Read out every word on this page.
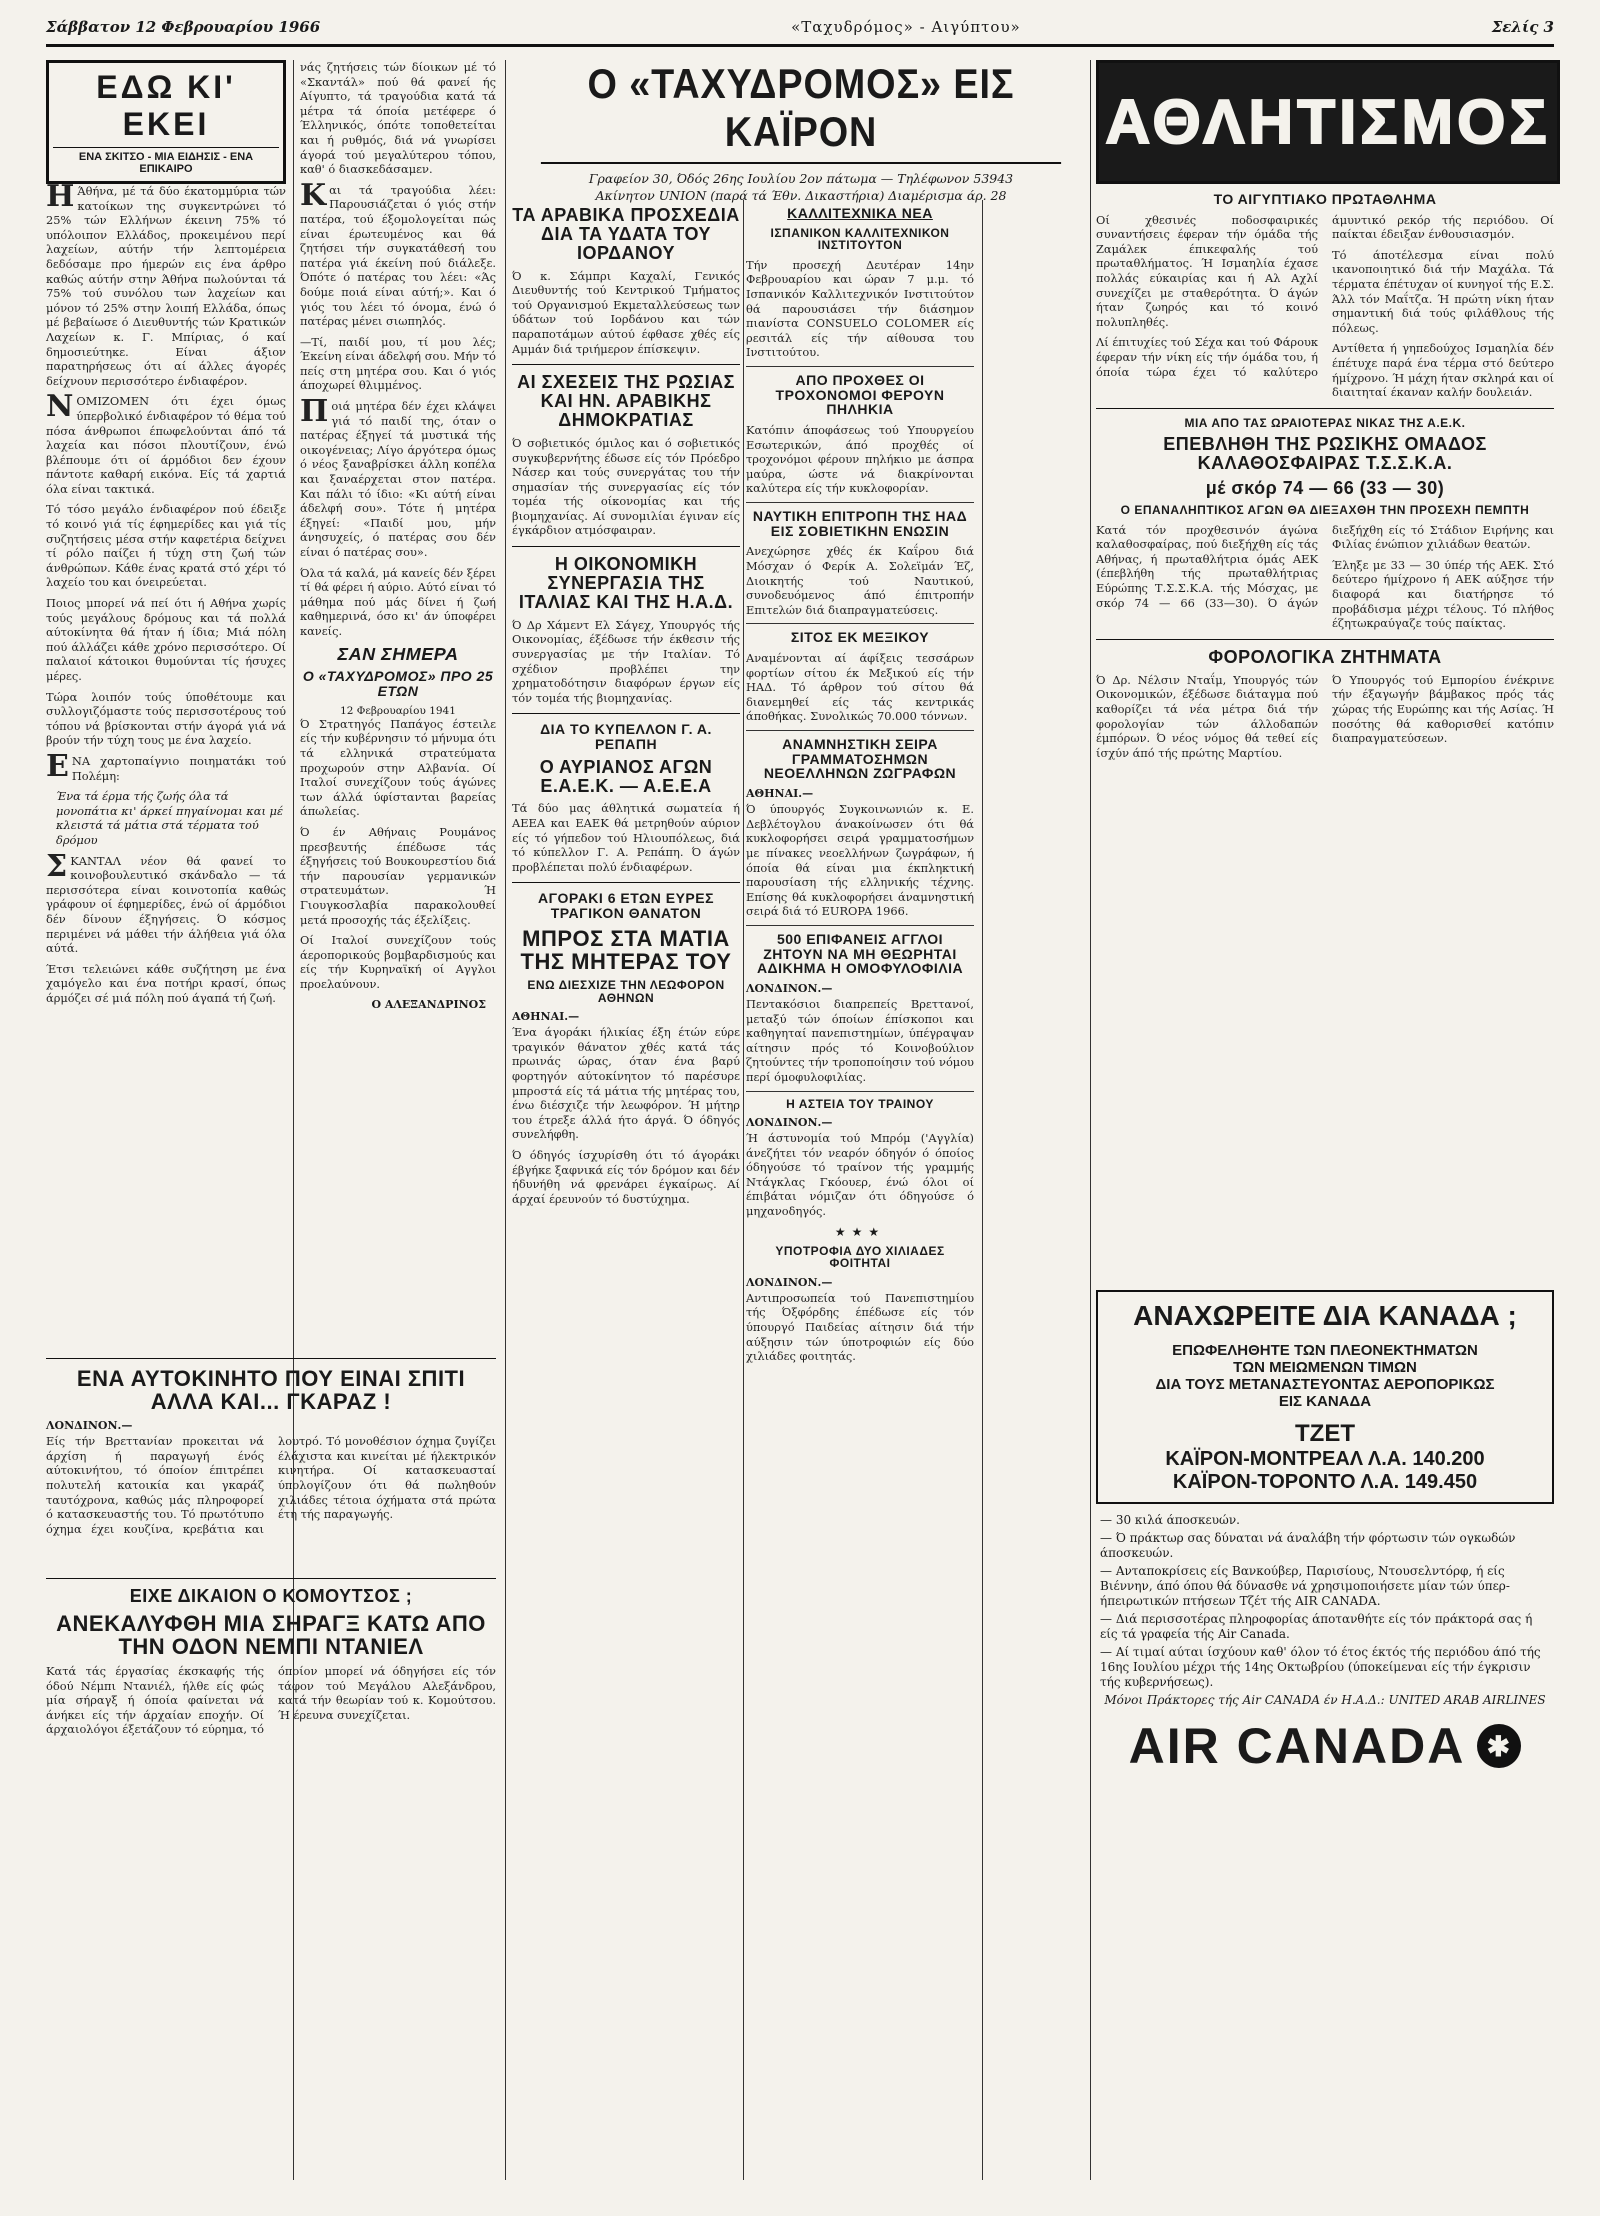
Σάββατον 12 Φεβρουαρίου 1966	«Ταχυδρόμος» - Αιγύπτου»	Σελίς 3
ΕΔΩ ΚΙ' ΕΚΕΙ
ΕΝΑ ΣΚΙΤΣΟ - ΜΙΑ ΕΙΔΗΣΙΣ - ΕΝΑ ΕΠΙΚΑΙΡΟ

ΗΆθήνα, μέ τά δύο έκατομμύρια τών κατοίκων της συγκεντρώνει τό 25% τών Ελλήνων έκεινη 75% τό υπόλοιπον Ελλάδος, προκειμένου περί λαχείων, αύτήν τήν λεπτομέρεια δεδόσαμε προ ήμερών εις ένα άρθρο καθώς αύτήν στην Άθήνα πωλούνται τά 75% τού συνόλου των λαχείων και μόνον τό 25% στην λοιπή Ελλάδα, όπως μέ βεβαίωσε ό Διευθυντής τών Κρατικών Λαχείων κ. Γ. Μπίριας, ό καί δημοσιεύτηκε. Είναι άξιον παρατηρήσεως ότι αί άλλες άγορές δείχνουν περισσότερο ένδιαφέρον.

ΝΟΜΙΖΟΜΕΝ ότι έχει όμως ύπερβολικό ένδιαφέρον τό θέμα τού πόσα άνθρωποι έπωφελούνται άπό τά λαχεία και πόσοι πλουτίζουν, ένώ βλέπουμε ότι οί άρμόδιοι δεν έχουν πάντοτε καθαρή εικόνα. Είς τά χαρτιά όλα είναι τακτικά.

Τό τόσο μεγάλο ένδιαφέρον πού έδειξε τό κοινό γιά τίς έφημερίδες και γιά τίς συζητήσεις μέσα στήν καφετέρια δείχνει τί ρόλο παίζει ή τύχη στη ζωή τών άνθρώπων. Κάθε ένας κρατά στό χέρι τό λαχείο του και όνειρεύεται.

Ποιος μπορεί νά πεί ότι ή Αθήνα χωρίς τούς μεγάλους δρόμους και τά πολλά αύτοκίνητα θά ήταν ή ίδια; Μιά πόλη πού άλλάζει κάθε χρόνο περισσότερο. Οί παλαιοί κάτοικοι θυμούνται τίς ήσυχες μέρες.

Τώρα λοιπόν τούς ύποθέτουμε και συλλογιζόμαστε τούς περισσοτέρους τού τόπου νά βρίσκονται στήν άγορά γιά νά βρούν τήν τύχη τους με ένα λαχείο.

ΕΝΑ χαρτοπαίγνιο ποιηματάκι τού Πολέμη:

Ένα τά έρμα τής ζωής όλα τά μονοπάτια κι' άρκεί πηγαίνομαι και μέ κλειστά τά μάτια στά τέρματα τού δρόμου

ΣΚΑΝΤΑΛ νέον θά φανεί το κοινοβουλευτικό σκάνδαλο — τά περισσότερα είναι κοινοτοπία καθώς γράφουν οί έφημερίδες, ένώ οί άρμόδιοι δέν δίνουν έξηγήσεις. Ό κόσμος περιμένει νά μάθει τήν άλήθεια γιά όλα αύτά.

Έτσι τελειώνει κάθε συζήτηση με ένα χαμόγελο και ένα ποτήρι κρασί, όπως άρμόζει σέ μιά πόλη πού άγαπά τή ζωή.

ΕΝΑ ΑΥΤΟΚΙΝΗΤΟ ΠΟΥ ΕΙΝΑΙ ΣΠΙΤΙ ΑΛΛΑ ΚΑΙ... ΓΚΑΡΑΖ !
ΛΟΝΔΙΝΟΝ.—

Είς τήν Βρεττανίαν προκειται νά άρχίση ή παραγωγή ένός αύτοκινήτου, τό όποίον έπιτρέπει πολυτελή κατοικία και γκαράζ ταυτόχρονα, καθώς μάς πληροφορεί ό κατασκευαστής του. Τό πρωτότυπο όχημα έχει κουζίνα, κρεβάτια και λουτρό. Τό μονοθέσιον όχημα ζυγίζει έλάχιστα και κινείται μέ ήλεκτρικόν κινητήρα. Οί κατασκευασταί ύπολογίζουν ότι θά πωληθούν χιλιάδες τέτοια όχήματα στά πρώτα έτη τής παραγωγής.

νάς ζητήσεις τών δίοικων μέ τό «Σκαντάλ» πού θά φανεί ής Αίγυπτο, τά τραγούδια κατά τά μέτρα τά όποία μετέφερε ό Έλληνικός, όπότε τοποθετείται και ή ρυθμός, διά νά γνωρίσει άγορά τού μεγαλύτερου τόπου, καθ' ό διασκεδάσαμεν.

Και τά τραγούδια λέει: Παρουσιάζεται ό γιός στήν πατέρα, τού έξομολογείται πώς είναι έρωτευμένος και θά ζητήσει τήν συγκατάθεσή του πατέρα γιά έκείνη πού διάλεξε. Όπότε ό πατέρας του λέει: «Άς δούμε ποιά είναι αύτή;». Και ό γιός του λέει τό όνομα, ένώ ό πατέρας μένει σιωπηλός.

—Τί, παιδί μου, τί μου λές; Έκείνη είναι άδελφή σου. Μήν τό πείς στη μητέρα σου. Και ό γιός άποχωρεί θλιμμένος.

Ποιά μητέρα δέν έχει κλάψει γιά τό παιδί της, όταν ο πατέρας έξηγεί τά μυστικά τής οικογένειας; Λίγο άργότερα όμως ό νέος ξαναβρίσκει άλλη κοπέλα και ξαναέρχεται στον πατέρα. Και πάλι τό ίδιο: «Κι αύτή είναι άδελφή σου». Τότε ή μητέρα έξηγεί: «Παιδί μου, μήν άνησυχείς, ό πατέρας σου δέν είναι ό πατέρας σου».

Όλα τά καλά, μά κανείς δέν ξέρει τί θά φέρει ή αύριο. Αύτό είναι τό μάθημα πού μάς δίνει ή ζωή καθημερινά, όσο κι' άν ύποφέρει κανείς.

ΣΑΝ ΣΗΜΕΡΑ
Ο «ΤΑΧΥΔΡΟΜΟΣ» ΠΡΟ 25 ΕΤΩΝ
12 Φεβρουαρίου 1941

Ό Στρατηγός Παπάγος έστειλε είς τήν κυβέρνησιν τό μήνυμα ότι τά ελληνικά στρατεύματα προχωρούν στην Αλβανία. Οί Ιταλοί συνεχίζουν τούς άγώνες των άλλά ύφίστανται βαρείας άπωλείας.

Ό έν Αθήναις Ρουμάνος πρεσβευτής έπέδωσε τάς έξηγήσεις τού Βουκουρεστίου διά τήν παρουσίαν γερμανικών στρατευμάτων. Ή Γιουγκοσλαβία παρακολουθεί μετά προσοχής τάς έξελίξεις.

Οί Ιταλοί συνεχίζουν τούς άεροπορικούς βομβαρδισμούς και είς τήν Κυρηναϊκή οί Αγγλοι προελαύνουν.

Ο ΑΛΕΞΑΝΔΡΙΝΟΣ
ΕΙΧΕ ΔΙΚΑΙΟΝ Ο ΚΟΜΟΥΤΣΟΣ ;
ΑΝΕΚΑΛΥΦΘΗ ΜΙΑ ΣΗΡΑΓΞ ΚΑΤΩ ΑΠΟ ΤΗΝ ΟΔΟΝ ΝΕΜΠΙ ΝΤΑΝΙΕΛ

Κατά τάς έργασίας έκσκαφής τής όδού Νέμπι Ντανιέλ, ήλθε είς φώς μία σήραγξ ή όποία φαίνεται νά άνήκει είς τήν άρχαίαν εποχήν. Οί άρχαιολόγοι έξετάζουν τό εύρημα, τό όποίον μπορεί νά όδηγήσει είς τόν τάφον τού Μεγάλου Αλεξάνδρου, κατά τήν θεωρίαν τού κ. Κομούτσου. Ή έρευνα συνεχίζεται.

Ο «ΤΑΧΥΔΡΟΜΟΣ» ΕΙΣ ΚΑΪΡΟΝ
Γραφείον 30, Όδός 26ης Ιουλίου 2ον πάτωμα — Τηλέφωνον 53943
Ακίνητον UNION (παρά τά Έθν. Δικαστήρια) Διαμέρισμα άρ. 28
ΤΑ ΑΡΑΒΙΚΑ ΠΡΟΣΧΕΔΙΑ ΔΙΑ ΤΑ ΥΔΑΤΑ ΤΟΥ ΙΟΡΔΑΝΟΥ

Ό κ. Σάμπρι Καχαλί, Γενικός Διευθυντής τού Κεντρικού Τμήματος τού Οργανισμού Εκμεταλλεύσεως των ύδάτων τού Ιορδάνου και τών παραποτάμων αύτού έφθασε χθές είς Αμμάν διά τριήμερον έπίσκεψιν.

ΑΙ ΣΧΕΣΕΙΣ ΤΗΣ ΡΩΣΙΑΣ ΚΑΙ ΗΝ. ΑΡΑΒΙΚΗΣ ΔΗΜΟΚΡΑΤΙΑΣ

Ό σοβιετικός όμιλος και ό σοβιετικός συγκυβερνήτης έδωσε είς τόν Πρόεδρο Νάσερ και τούς συνεργάτας του τήν σημασίαν τής συνεργασίας είς τόν τομέα τής οίκονομίας και τής βιομηχανίας. Αί συνομιλίαι έγιναν είς έγκάρδιον ατμόσφαιραν.

Η ΟΙΚΟΝΟΜΙΚΗ ΣΥΝΕΡΓΑΣΙΑ ΤΗΣ ΙΤΑΛΙΑΣ ΚΑΙ ΤΗΣ Η.Α.Δ.

Ό Δρ Χάμεντ Ελ Σάγεχ, Υπουργός τής Οικονομίας, έξέδωσε τήν έκθεσιν τής συνεργασίας με τήν Ιταλίαν. Τό σχέδιον προβλέπει την χρηματοδότησιν διαφόρων έργων είς τόν τομέα τής βιομηχανίας.

ΔΙΑ ΤΟ ΚΥΠΕΛΛΟΝ Γ. Α. ΡΕΠΑΠΗ
Ο ΑΥΡΙΑΝΟΣ ΑΓΩΝ Ε.Α.Ε.Κ. — Α.Ε.Ε.Α

Τά δύο μας άθλητικά σωματεία ή ΑΕΕΑ και ΕΑΕΚ θά μετρηθούν αύριον είς τό γήπεδον τού Ηλιουπόλεως, διά τό κύπελλον Γ. Α. Ρεπάπη. Ό άγών προβλέπεται πολύ ένδιαφέρων.

ΑΓΟΡΑΚΙ 6 ΕΤΩΝ ΕΥΡΕΣ ΤΡΑΓΙΚΟΝ ΘΑΝΑΤΟΝ
ΜΠΡΟΣ ΣΤΑ ΜΑΤΙΑ ΤΗΣ ΜΗΤΕΡΑΣ ΤΟΥ
ΕΝΩ ΔΙΕΣΧΙΖΕ ΤΗΝ ΛΕΩΦΟΡΟΝ ΑΘΗΝΩΝ
ΑΘΗΝΑΙ.—

Ένα άγοράκι ήλικίας έξη έτών εύρε τραγικόν θάνατον χθές κατά τάς πρωινάς ώρας, όταν ένα βαρύ φορτηγόν αύτοκίνητον τό παρέσυρε μπροστά είς τά μάτια τής μητέρας του, ένω διέσχιζε τήν λεωφόρον. Ή μήτηρ του έτρεξε άλλά ήτο άργά. Ό όδηγός συνελήφθη.

Ό όδηγός ίσχυρίσθη ότι τό άγοράκι έβγήκε ξαφνικά είς τόν δρόμον και δέν ήδυνήθη νά φρενάρει έγκαίρως. Αί άρχαί έρευνούν τό δυστύχημα.

ΚΑΛΛΙΤΕΧΝΙΚΑ ΝΕΑ
ΙΣΠΑΝΙΚΟΝ ΚΑΛΛΙΤΕΧΝΙΚΟΝ ΙΝΣΤΙΤΟΥΤΟΝ

Τήν προσεχή Δευτέραν 14ην Φεβρουαρίου και ώραν 7 μ.μ. τό Ισπανικόν Καλλιτεχνικόν Ινστιτούτον θά παρουσιάσει τήν διάσημον πιανίστα CONSUELO COLOMER είς ρεσιτάλ είς τήν αίθουσα του Ινστιτούτου.

ΑΠΟ ΠΡΟΧΘΕΣ ΟΙ ΤΡΟΧΟΝΟΜΟΙ ΦΕΡΟΥΝ ΠΗΛΗΚΙΑ

Κατόπιν άποφάσεως τού Υπουργείου Εσωτερικών, άπό προχθές οί τροχονόμοι φέρουν πηλήκιο με άσπρα μαύρα, ώστε νά διακρίνονται καλύτερα είς τήν κυκλοφορίαν.

ΝΑΥΤΙΚΗ ΕΠΙΤΡΟΠΗ ΤΗΣ ΗΑΔ ΕΙΣ ΣΟΒΙΕΤΙΚΗΝ ΕΝΩΣΙΝ

Ανεχώρησε χθές έκ Καΐρου διά Μόσχαν ό Φερίκ Α. Σολεϊμάν Έζ, Διοικητής τού Ναυτικού, συνοδευόμενος άπό έπιτροπήν Επιτελών διά διαπραγματεύσεις.

ΣΙΤΟΣ ΕΚ ΜΕΞΙΚΟΥ

Αναμένονται αί άφίξεις τεσσάρων φορτίων σίτου έκ Μεξικού είς τήν ΗΑΔ. Τό άρθρον τού σίτου θά διανεμηθεί είς τάς κεντρικάς άποθήκας. Συνολικώς 70.000 τόννων.

ΑΝΑΜΝΗΣΤΙΚΗ ΣΕΙΡΑ ΓΡΑΜΜΑΤΟΣΗΜΩΝ ΝΕΟΕΛΛΗΝΩΝ ΖΩΓΡΑΦΩΝ
ΑΘΗΝΑΙ.—

Ό ύπουργός Συγκοινωνιών κ. Ε. Δεβλέτογλου άνακοίνωσεν ότι θά κυκλοφορήσει σειρά γραμματοσήμων με πίνακες νεοελλήνων ζωγράφων, ή όποία θά είναι μια έκπληκτική παρουσίαση τής ελληνικής τέχνης. Επίσης θά κυκλοφορήσει άναμνηστική σειρά διά τό EUROPA 1966.

500 ΕΠΙΦΑΝΕΙΣ ΑΓΓΛΟΙ ΖΗΤΟΥΝ ΝΑ ΜΗ ΘΕΩΡΗΤΑΙ ΑΔΙΚΗΜΑ Η ΟΜΟΦΥΛΟΦΙΛΙΑ
ΛΟΝΔΙΝΟΝ.—

Πεντακόσιοι διαπρεπείς Βρεττανοί, μεταξύ τών όποίων έπίσκοποι και καθηγηταί πανεπιστημίων, ύπέγραψαν αίτησιν πρός τό Κοινοβούλιον ζητούντες τήν τροποποίησιν τού νόμου περί όμοφυλοφιλίας.

Η ΑΣΤΕΙΑ ΤΟΥ ΤΡΑΙΝΟΥ
ΛΟΝΔΙΝΟΝ.—

Ή άστυνομία τού Μπρόμ ('Αγγλία) άνεζήτει τόν νεαρόν όδηγόν ό όποίος όδηγούσε τό τραίνον τής γραμμής Ντάγκλας Γκόουερ, ένώ όλοι οί έπιβάται νόμιζαν ότι όδηγούσε ό μηχανοδηγός.

★★★
ΥΠΟΤΡΟΦΙΑ ΔΥΟ ΧΙΛΙΑΔΕΣ ΦΟΙΤΗΤΑΙ
ΛΟΝΔΙΝΟΝ.—

Αντιπροσωπεία τού Πανεπιστημίου τής Όξφόρδης έπέδωσε είς τόν ύπουργό Παιδείας αίτησιν διά τήν αύξησιν τών ύποτροφιών είς δύο χιλιάδες φοιτητάς.

ΑΘΛΗΤΙΣΜΟΣ
ΤΟ ΑΙΓΥΠΤΙΑΚΟ ΠΡΩΤΑΘΛΗΜΑ

Οί χθεσινές ποδοσφαιρικές συναντήσεις έφεραν τήν όμάδα τής Ζαμάλεκ έπικεφαλής τού πρωταθλήματος. Ή Ισμαηλία έχασε πολλάς εύκαιρίας και ή Αλ Αχλί συνεχίζει με σταθερότητα. Ό άγών ήταν ζωηρός και τό κοινό πολυπληθές.

Λί έπιτυχίες τού Σέχα και τού Φάρουκ έφεραν τήν νίκη είς τήν όμάδα του, ή όποία τώρα έχει τό καλύτερο άμυντικό ρεκόρ τής περιόδου. Οί παίκται έδειξαν ένθουσιασμόν.

Τό άποτέλεσμα είναι πολύ ικανοποιητικό διά τήν Μαχάλα. Τά τέρματα έπέτυχαν οί κυνηγοί τής Ε.Σ. Άλλ τόν Μαΐτζα. Ή πρώτη νίκη ήταν σημαντική διά τούς φιλάθλους τής πόλεως.

Αντίθετα ή γηπεδούχος Ισμαηλία δέν έπέτυχε παρά ένα τέρμα στό δεύτερο ήμίχρονο. Ή μάχη ήταν σκληρά και οί διαιτηταί έκαναν καλήν δουλειάν.

ΜΙΑ ΑΠΟ ΤΑΣ ΩΡΑΙΟΤΕΡΑΣ ΝΙΚΑΣ ΤΗΣ Α.Ε.Κ.
ΕΠΕΒΛΗΘΗ ΤΗΣ ΡΩΣΙΚΗΣ ΟΜΑΔΟΣ ΚΑΛΑΘΟΣΦΑΙΡΑΣ Τ.Σ.Σ.Κ.Α.
μέ σκόρ 74 — 66 (33 — 30)
Ο ΕΠΑΝΑΛΗΠΤΙΚΟΣ ΑΓΩΝ ΘΑ ΔΙΕΞΑΧΘΗ ΤΗΝ ΠΡΟΣΕΧΗ ΠΕΜΠΤΗ

Κατά τόν προχθεσινόν άγώνα καλαθοσφαίρας, πού διεξήχθη είς τάς Αθήνας, ή πρωταθλήτρια όμάς ΑΕΚ (έπεβλήθη τής πρωταθλήτριας Εύρώπης Τ.Σ.Σ.Κ.Α. τής Μόσχας, με σκόρ 74 — 66 (33—30). Ό άγών διεξήχθη είς τό Στάδιον Ειρήνης και Φιλίας ένώπιον χιλιάδων θεατών.

Έληξε με 33 — 30 ύπέρ τής ΑΕΚ. Στό δεύτερο ήμίχρονο ή ΑΕΚ αύξησε τήν διαφορά και διατήρησε τό προβάδισμα μέχρι τέλους. Τό πλήθος έζητωκραύγαζε τούς παίκτας.

ΦΟΡΟΛΟΓΙΚΑ ΖΗΤΗΜΑΤΑ

Ό Δρ. Νέλσιν Νταΐμ, Υπουργός τών Οικονομικών, έξέδωσε διάταγμα πού καθορίζει τά νέα μέτρα διά τήν φορολογίαν τών άλλοδαπών έμπόρων. Ό νέος νόμος θά τεθεί είς ίσχύν άπό τής πρώτης Μαρτίου.

Ό Υπουργός τού Εμπορίου ένέκρινε τήν έξαγωγήν βάμβακος πρός τάς χώρας τής Ευρώπης και τής Ασίας. Ή ποσότης θά καθορισθεί κατόπιν διαπραγματεύσεων.

ΑΝΑΧΩΡΕΙΤΕ ΔΙΑ ΚΑΝΑΔΑ ;
ΕΠΩΦΕΛΗΘΗΤΕ ΤΩΝ ΠΛΕΟΝΕΚΤΗΜΑΤΩΝ
ΤΩΝ ΜΕΙΩΜΕΝΩΝ ΤΙΜΩΝ
ΔΙΑ ΤΟΥΣ ΜΕΤΑΝΑΣΤΕΥΟΝΤΑΣ ΑΕΡΟΠΟΡΙΚΩΣ
ΕΙΣ ΚΑΝΑΔΑ
ΤΖΕΤ
ΚΑΪΡΟΝ-ΜΟΝΤΡΕΑΛ Λ.Α. 140.200
ΚΑΪΡΟΝ-ΤΟΡΟΝΤΟ Λ.Α. 149.450

— 30 κιλά άποσκευών.

— Ό πράκτωρ σας δύναται νά άναλάβη τήν φόρτωσιν τών ογκωδών άποσκευών.

— Ανταποκρίσεις είς Βανκούβερ, Παρισίους, Ντουσελντόρφ, ή είς Βιέννην, άπό όπου θά δύνασθε νά χρησιμοποιήσετε μίαν τών ύπερ-ήπειρωτικών πτήσεων Τζέτ τής AIR CANADA.

— Διά περισσοτέρας πληροφορίας άποτανθήτε είς τόν πράκτορά σας ή είς τά γραφεία τής Air Canada.

— Αί τιμαί αύται ίσχύουν καθ' όλον τό έτος έκτός τής περιόδου άπό τής 16ης Ιουλίου μέχρι τής 14ης Οκτωβρίου (ύποκείμεναι είς τήν έγκρισιν τής κυβερνήσεως).

Μόνοι Πράκτορες τής Air CANADA έν Η.Α.Δ.: UNITED ARAB AIRLINES

AIR CANADA ✱
